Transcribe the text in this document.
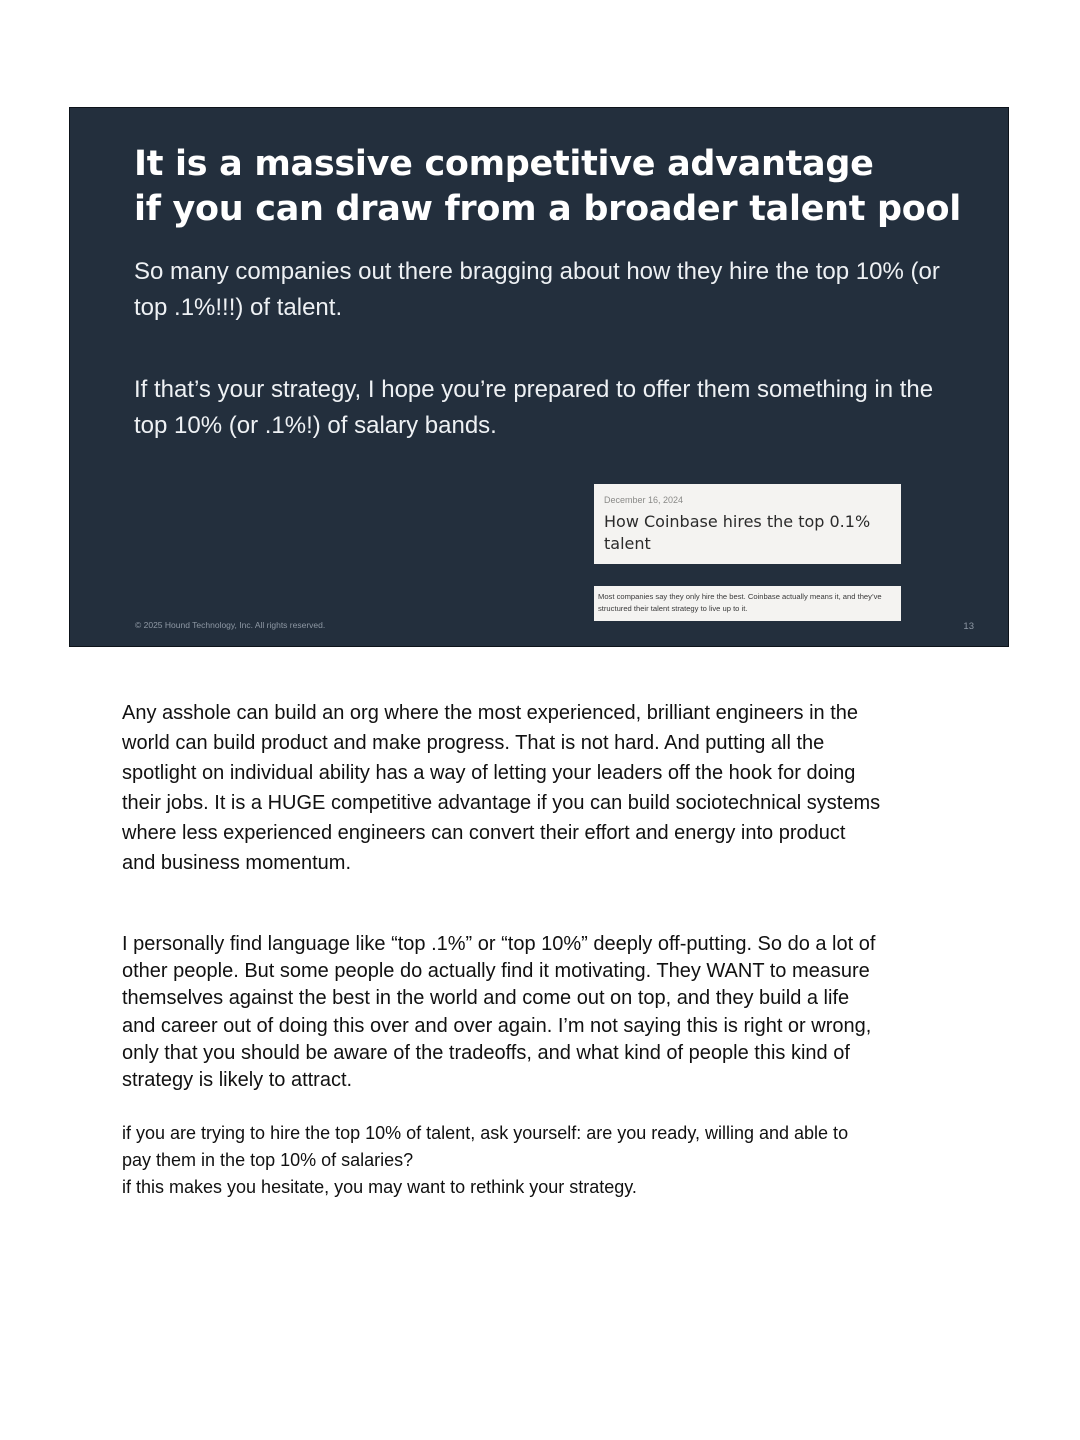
It is a massive competitive advantage
if you can draw from a broader talent pool

So many companies out there bragging about how they hire the top 10% (or top .1%!!!) of talent.

If that’s your strategy, I hope you’re prepared to offer them something in the top 10% (or .1%!) of salary bands.

December 16, 2024
How Coinbase hires the top 0.1% talent
Most companies say they only hire the best. Coinbase actually means it, and they’ve structured their talent strategy to live up to it.
© 2025 Hound Technology, Inc. All rights reserved.	13

Any asshole can build an org where the most experienced, brilliant engineers in the
world can build product and make progress. That is not hard. And putting all the
spotlight on individual ability has a way of letting your leaders off the hook for doing
their jobs. It is a HUGE competitive advantage if you can build sociotechnical systems
where less experienced engineers can convert their effort and energy into product
and business momentum.

I personally find language like “top .1%” or “top 10%” deeply off-putting. So do a lot of
other people. But some people do actually find it motivating. They WANT to measure
themselves against the best in the world and come out on top, and they build a life
and career out of doing this over and over again. I’m not saying this is right or wrong,
only that you should be aware of the tradeoffs, and what kind of people this kind of
strategy is likely to attract.

if you are trying to hire the top 10% of talent, ask yourself: are you ready, willing and able to
pay them in the top 10% of salaries?
if this makes you hesitate, you may want to rethink your strategy.
